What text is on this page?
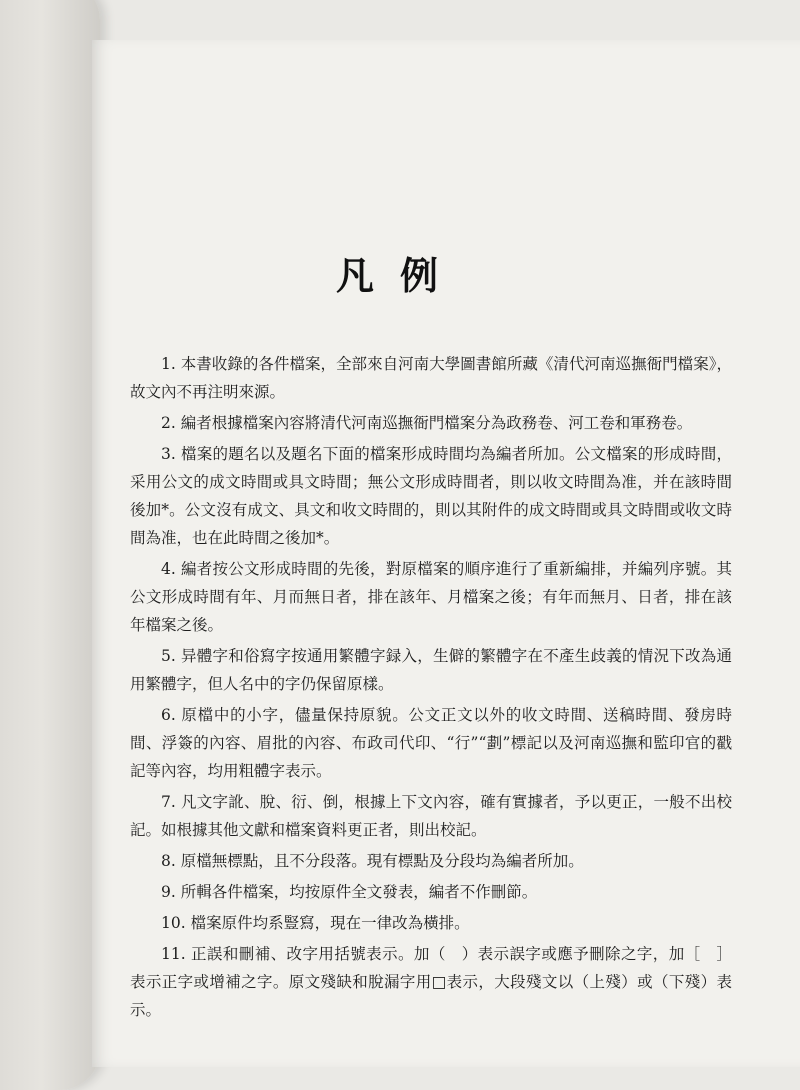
凡例

1. 本書收錄的各件檔案，全部來自河南大學圖書館所藏《清代河南巡撫衙門檔案》，故文內不再注明來源。

2. 編者根據檔案內容將清代河南巡撫衙門檔案分為政務卷、河工卷和軍務卷。

3. 檔案的題名以及題名下面的檔案形成時間均為編者所加。公文檔案的形成時間，采用公文的成文時間或具文時間；無公文形成時間者，則以收文時間為准，并在該時間後加*。公文沒有成文、具文和收文時間的，則以其附件的成文時間或具文時間或收文時間為准，也在此時間之後加*。

4. 編者按公文形成時間的先後，對原檔案的順序進行了重新編排，并編列序號。其公文形成時間有年、月而無日者，排在該年、月檔案之後；有年而無月、日者，排在該年檔案之後。

5. 异體字和俗寫字按通用繁體字録入，生僻的繁體字在不產生歧義的情況下改為通用繁體字，但人名中的字仍保留原樣。

6. 原檔中的小字，儘量保持原貌。公文正文以外的收文時間、送稿時間、發房時間、浮簽的內容、眉批的內容、布政司代印、“行”“劃”標記以及河南巡撫和監印官的戳記等內容，均用粗體字表示。

7. 凡文字訛、脫、衍、倒，根據上下文內容，確有實據者，予以更正，一般不出校記。如根據其他文獻和檔案資料更正者，則出校記。

8. 原檔無標點，且不分段落。現有標點及分段均為編者所加。

9. 所輯各件檔案，均按原件全文發表，編者不作刪節。

10. 檔案原件均系豎寫，現在一律改為橫排。

11. 正誤和刪補、改字用括號表示。加（　）表示誤字或應予刪除之字，加［　］表示正字或增補之字。原文殘缺和脫漏字用□表示，大段殘文以（上殘）或（下殘）表示。
